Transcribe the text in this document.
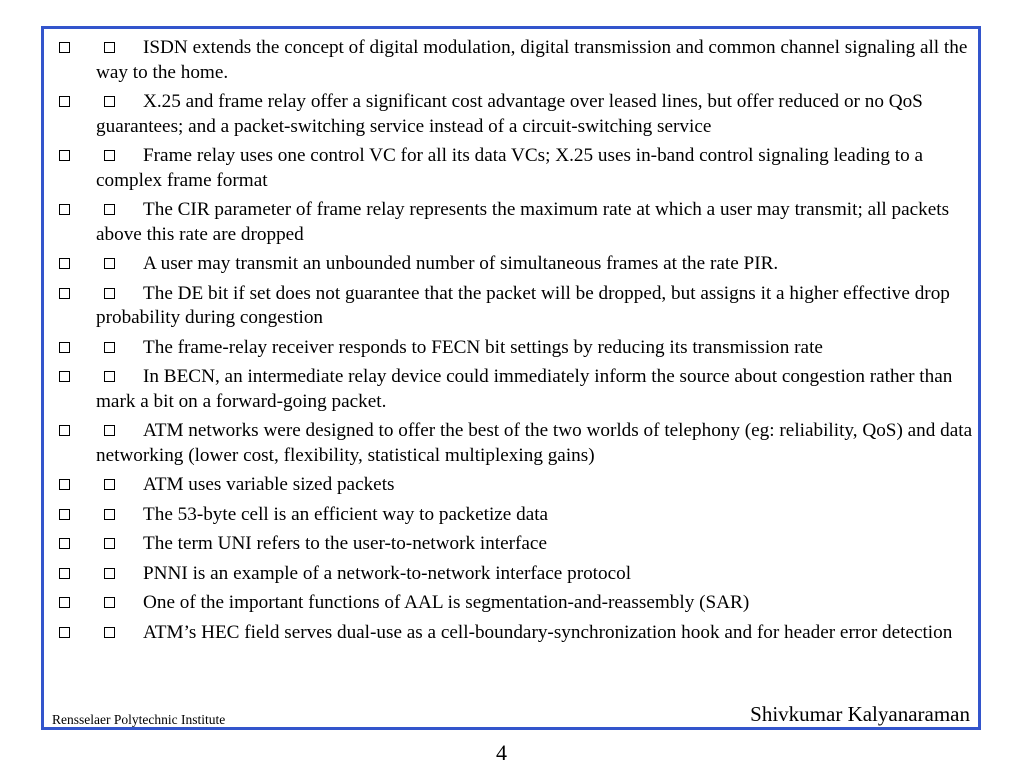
ISDN extends the concept of digital modulation, digital transmission and common channel signaling all the way to the home.
X.25 and frame relay offer a significant cost advantage over leased lines, but offer reduced or no QoS guarantees; and a packet-switching service instead of a circuit-switching service
Frame relay uses one control VC for all its data VCs; X.25 uses in-band control signaling leading to a complex frame format
The CIR parameter of frame relay represents the maximum rate at which a user may transmit; all packets above this rate are dropped
A user may transmit an unbounded number of simultaneous frames at the rate PIR.
The DE bit if set does not guarantee that the packet will be dropped, but assigns it a higher effective drop probability during congestion
The frame-relay receiver responds to FECN bit settings by reducing its transmission rate
In BECN, an intermediate relay device could immediately inform the source about congestion rather than mark a bit on a forward-going packet.
ATM networks were designed to offer the best of the two worlds of telephony (eg: reliability, QoS) and data networking (lower cost, flexibility, statistical multiplexing gains)
ATM uses variable sized packets
The 53-byte cell is an efficient way to packetize data
The term UNI refers to the user-to-network interface
PNNI is an example of a network-to-network interface protocol
One of the important functions of AAL is segmentation-and-reassembly (SAR)
ATM’s HEC field serves dual-use as a cell-boundary-synchronization hook and for header error detection
Rensselaer Polytechnic Institute	Shivkumar Kalyanaraman
4
